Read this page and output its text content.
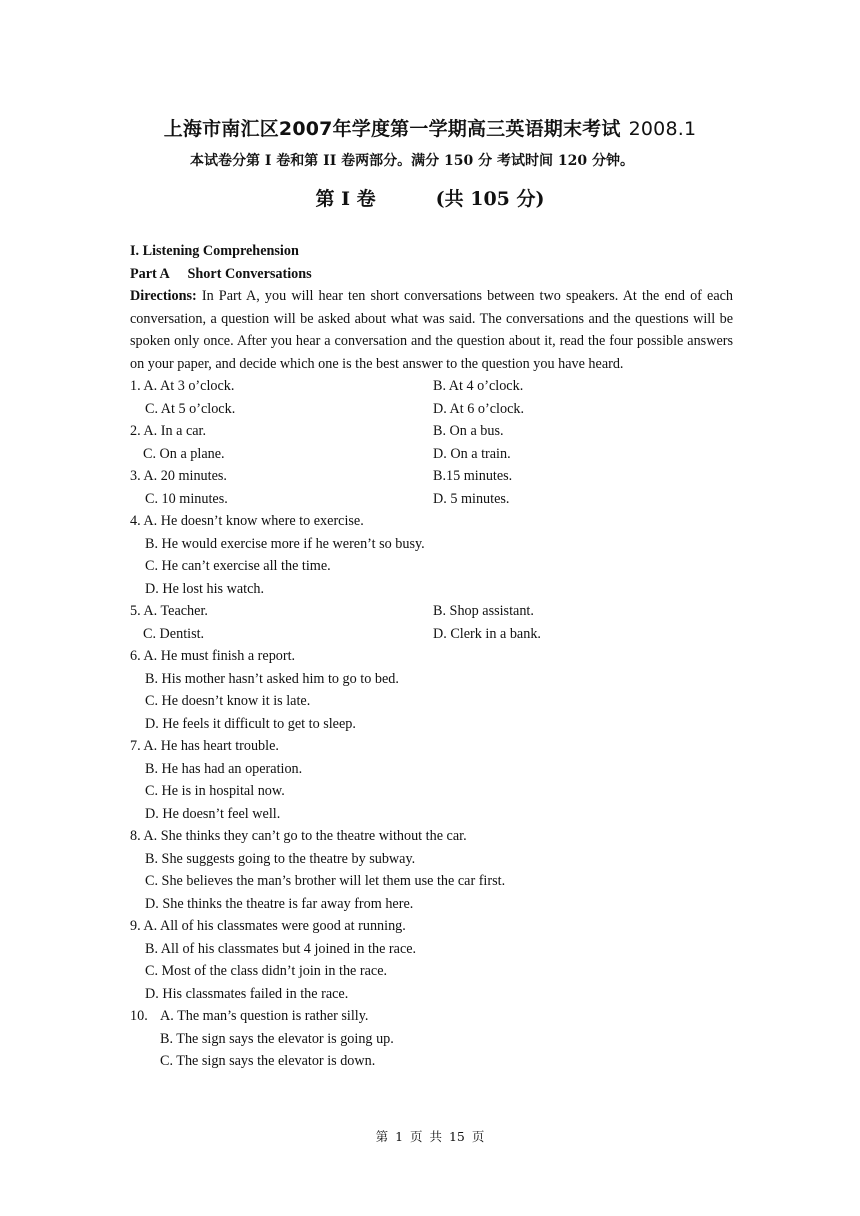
上海市南汇区2007年学度第一学期高三英语期末考试 2008.1
本试卷分第 I 卷和第 II 卷两部分。满分 150 分 考试时间 120 分钟。
第 I 卷	(共 105 分)
I. Listening Comprehension
Part A Short Conversations
Directions: In Part A, you will hear ten short conversations between two speakers. At the end of each conversation, a question will be asked about what was said. The conversations and the questions will be spoken only once. After you hear a conversation and the question about it, read the four possible answers on your paper, and decide which one is the best answer to the question you have heard.
1. A. At 3 o’clock.	B. At 4 o’clock.
C. At 5 o’clock.	D. At 6 o’clock.
2. A. In a car.	B. On a bus.
C. On a plane.	D. On a train.
3. A. 20 minutes.	B.15 minutes.
C. 10 minutes.	D. 5 minutes.
4. A. He doesn’t know where to exercise.
B. He would exercise more if he weren’t so busy.
C. He can’t exercise all the time.
D. He lost his watch.
5. A. Teacher.	B. Shop assistant.
C. Dentist.	D. Clerk in a bank.
6. A. He must finish a report.
B. His mother hasn’t asked him to go to bed.
C. He doesn’t know it is late.
D. He feels it difficult to get to sleep.
7. A. He has heart trouble.
B. He has had an operation.
C. He is in hospital now.
D. He doesn’t feel well.
8. A. She thinks they can’t go to the theatre without the car.
B. She suggests going to the theatre by subway.
C. She believes the man’s brother will let them use the car first.
D. She thinks the theatre is far away from here.
9. A. All of his classmates were good at running.
B. All of his classmates but 4 joined in the race.
C. Most of the class didn’t join in the race.
D. His classmates failed in the race.
10. A. The man’s question is rather silly.
B. The sign says the elevator is going up.
C. The sign says the elevator is down.
第 1 页 共 15 页
